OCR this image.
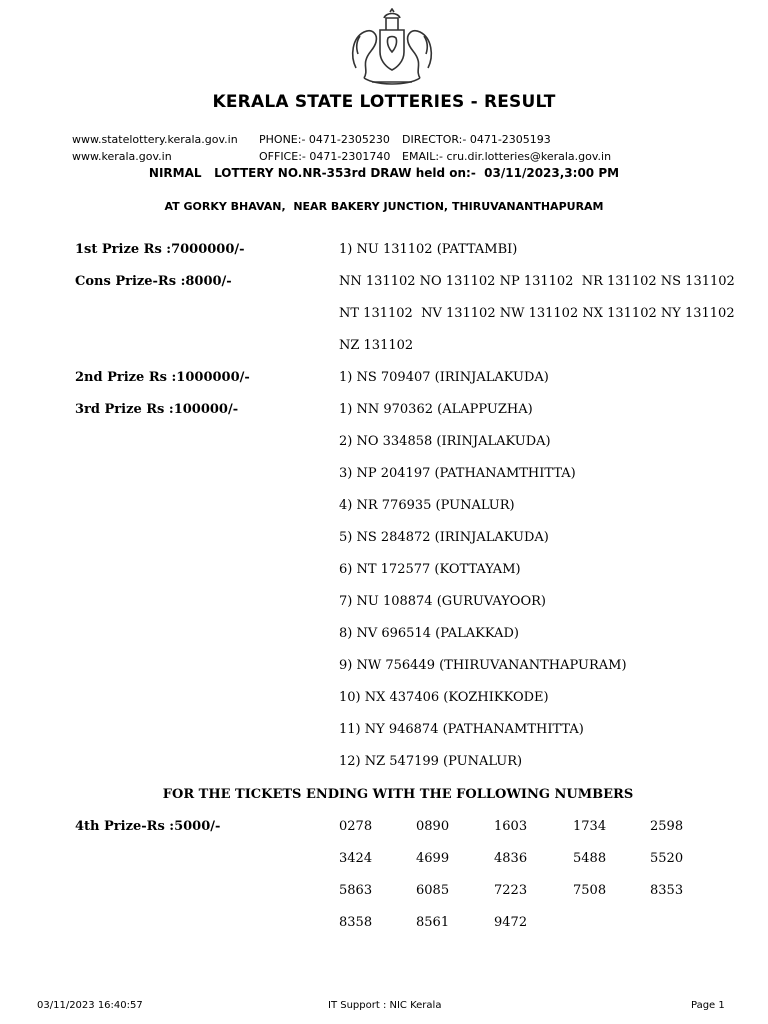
KERALA STATE LOTTERIES - RESULT
www.statelottery.kerala.gov.in PHONE:- 0471-2305230 DIRECTOR:- 0471-2305193
www.kerala.gov.in	OFFICE:- 0471-2301740 EMAIL:- cru.dir.lotteries@kerala.gov.in
NIRMAL   LOTTERY NO.NR-353rd DRAW held on:-  03/11/2023,3:00 PM
AT GORKY BHAVAN,  NEAR BAKERY JUNCTION, THIRUVANANTHAPURAM
1st Prize Rs :7000000/-	1) NU 131102 (PATTAMBI)
Cons Prize-Rs :8000/-	NN 131102 NO 131102 NP 131102  NR 131102 NS 131102
NT 131102  NV 131102 NW 131102 NX 131102 NY 131102
NZ 131102
2nd Prize Rs :1000000/-	1) NS 709407 (IRINJALAKUDA)
3rd Prize Rs :100000/-	1) NN 970362 (ALAPPUZHA)
2) NO 334858 (IRINJALAKUDA)
3) NP 204197 (PATHANAMTHITTA)
4) NR 776935 (PUNALUR)
5) NS 284872 (IRINJALAKUDA)
6) NT 172577 (KOTTAYAM)
7) NU 108874 (GURUVAYOOR)
8) NV 696514 (PALAKKAD)
9) NW 756449 (THIRUVANANTHAPURAM)
10) NX 437406 (KOZHIKKODE)
11) NY 946874 (PATHANAMTHITTA)
12) NZ 547199 (PUNALUR)
FOR THE TICKETS ENDING WITH THE FOLLOWING NUMBERS
4th Prize-Rs :5000/-	0278	0890	1603	1734	2598
3424	4699	4836	5488	5520
5863	6085	7223	7508	8353
8358	8561	9472
03/11/2023 16:40:57	IT Support : NIC Kerala	Page 1
